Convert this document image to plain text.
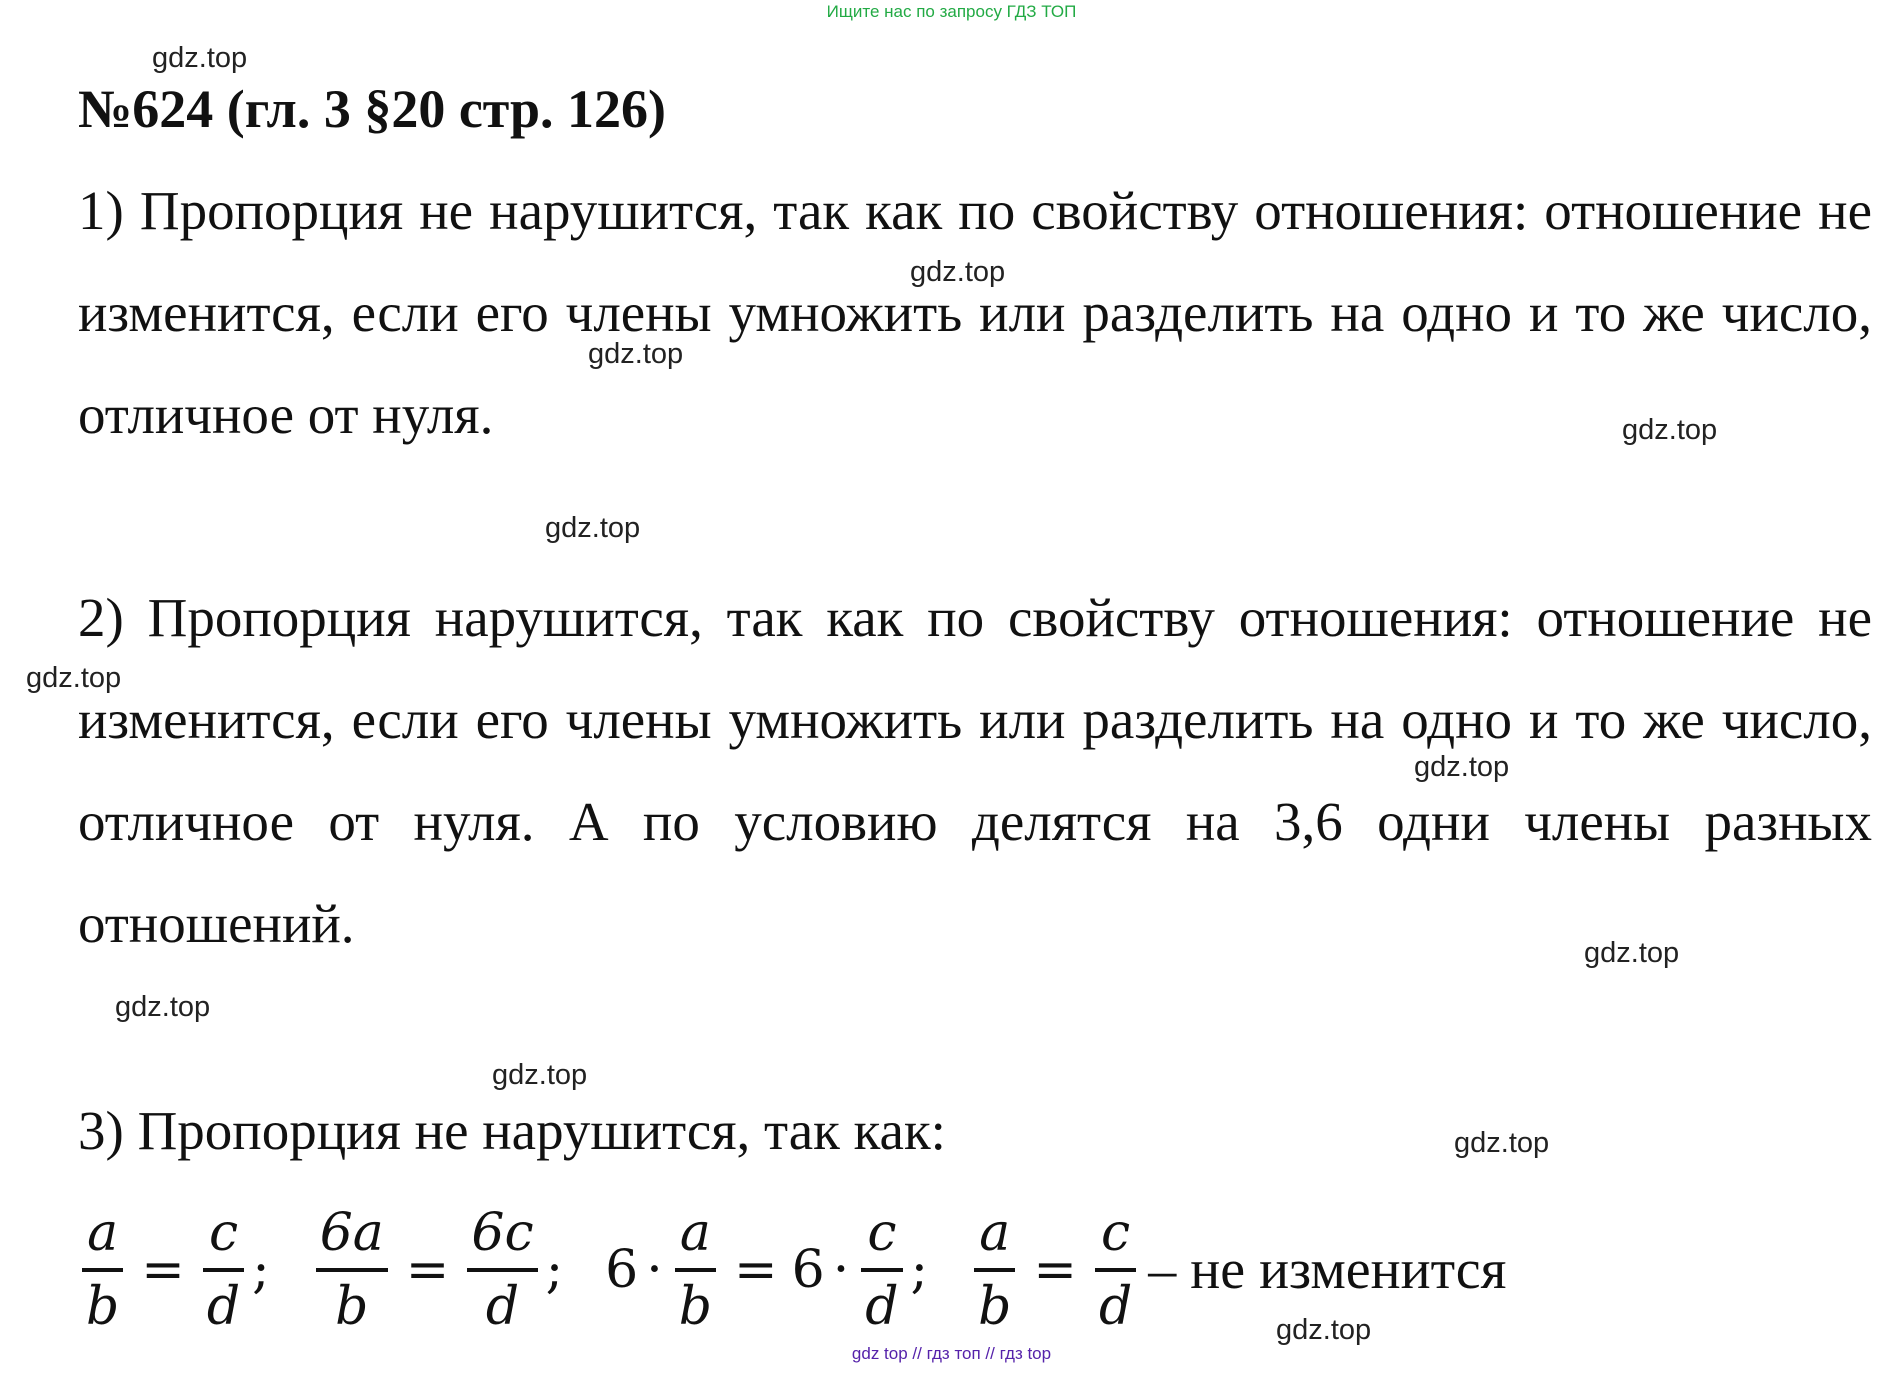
Ищите нас по запросу ГДЗ ТОП
№624 (гл. 3 §20 стр. 126)
1) Пропорция не нарушится, так как по свойству отношения: отношение не изменится, если его члены умножить или разделить на одно и то же число, отличное от нуля.
2) Пропорция нарушится, так как по свойству отношения: отношение не изменится, если его члены умножить или разделить на одно и то же число, отличное от нуля. А по условию делятся на 3,6 одни члены разных отношений.
3) Пропорция не нарушится, так как:
$\frac{a}{b} = \frac{c}{d}$ ; $\frac{6a}{b} = \frac{6c}{d}$ ; $6 \cdot \frac{a}{b} = 6 \cdot \frac{c}{d}$ ; $\frac{a}{b} = \frac{c}{d}$ – не изменится
gdz.top
gdz.top
gdz.top
gdz.top
gdz.top
gdz.top
gdz.top
gdz.top
gdz.top
gdz.top
gdz.top
gdz.top
gdz top // гдз топ // гдз top
